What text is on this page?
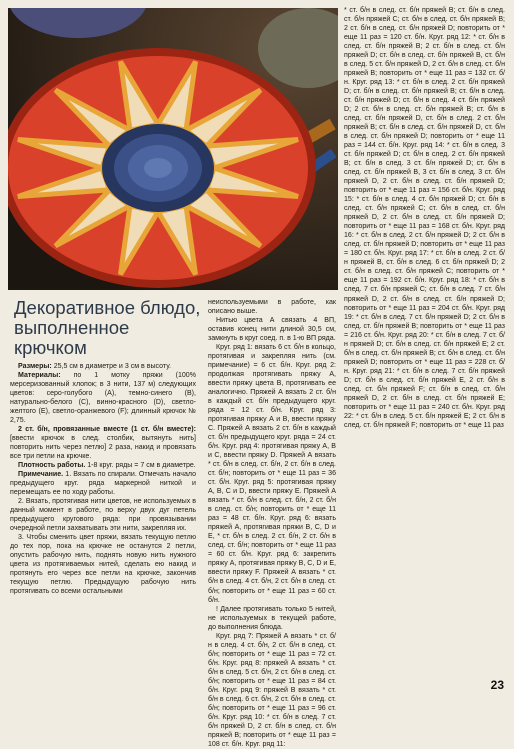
Декоративное блюдо, выполненное крючком

Размеры: 25,5 см в диаметре и 3 см в высоту.

Материалы: по 1 мотку пряжи (100% мерсеризованный хлопок; в 3 нити, 137 м) следующих цветов: серо-голубого (А), темно-синего (В), натурально-белого (C), винно-красного (D), светло-желтого (E), светло-оранжевого (F); длинный крючок № 2,75.

2 ст. б/н, провязанные вместе (1 ст. б/н вместе): [ввести крючок в след. столбик, вытянуть нить] повторить нить через петлю] 2 раза, накид и провязать все три петли на крючке.

Плотность работы. 1-8 круг. ряды = 7 см в диаметре.

Примечание. 1. Вязать по спирали. Отмечать начало предыдущего круг. ряда маркерной ниткой и перемещать ее по ходу работы.

2. Вязать, протягивая нити цветов, не используемых в данный момент в работе, по верху двух дуг петель предыдущего кругового ряда: при провязывании очередной петли захватывать эти нити, закрепляя их.

3. Чтобы сменить цвет пряжи, вязать текущую петлю до тех пор, пока на крючке не останутся 2 петли, опустить рабочую нить, поднять новую нить нужного цвета из протягиваемых нитей, сделать ею накид и протянуть его через все петли на крючке, закончив текущую петлю. Предыдущую рабочую нить протягивать со всеми остальными

неиспользуемыми в работе, как описано выше.

Нитью цвета А связать 4 ВП, оставив конец нити длиной 30,5 см, замкнуть в круг соед. п. в 1-ю ВП ряда.

Круг. ряд 1: вязать 6 ст. б/н в кольцо, протягивая и закрепляя нить (см. примечание) = 6 ст. б/н. Круг. ряд 2: продолжая протягивать пряжу А, ввести пряжу цвета В, протягивать ее аналогично. Пряжей А вязать 2 ст. б/н в каждый ст. б/н предыдущего круг. ряда = 12 ст. б/н. Круг. ряд 3: протягивая пряжу А и В, ввести пряжу С. Пряжей А вязать 2 ст. б/н в каждый ст. б/н предыдущего круг. ряда = 24 ст. б/н. Круг. ряд 4: протягивая пряжу А, В и С, ввести пряжу D. Пряжей А вязать * ст. б/н в след. ст. б/н, 2 ст. б/н в след. ст. б/н; повторить от * еще 11 раз = 36 ст. б/н. Круг. ряд 5: протягивая пряжу А, В, С и D, ввести пряжу Е. Пряжей А вязать * ст. б/н в след. ст. б/н, 2 ст. б/н в след. ст. б/н; повторить от * еще 11 раз = 48 ст. б/н. Круг. ряд 6: вязать пряжей А, протягивая пряжи В, С, D и Е, * ст. б/н в след. 2 ст. б/н, 2 ст. б/н в след. ст. б/н; повторить от * еще 11 раз = 60 ст. б/н. Круг. ряд 6: закрепить пряжу А, протягивая пряжу В, С, D и Е, ввести пряжу F. Пряжей А вязать * ст. б/н в след. 4 ст. б/н, 2 ст. б/н в след. ст. б/н; повторить от * еще 11 раз = 60 ст. б/н.

! Далее протягивать только 5 нитей, не используемых в текущей работе, до выполнения блюда.

Круг. ряд 7: Пряжей А вязать * ст. б/н в след. 4 ст. б/н, 2 ст. б/н в след. ст. б/н; повторить от * еще 11 раз = 72 ст. б/н. Круг. ряд 8: пряжей А вязать * ст. б/н в след. 5 ст. б/н, 2 ст. б/н в след. ст. б/н; повторить от * еще 11 раз = 84 ст. б/н. Круг. ряд 9: пряжей В вязать * ст. б/н в след. 6 ст. б/н, 2 ст. б/н в след. ст. б/н; повторить от * еще 11 раз = 96 ст. б/н. Круг. ряд 10: * ст. б/н в след. 7 ст. б/н пряжей D, 2 ст. б/н в след. ст. б/н пряжей В; повторить от * еще 11 раз = 108 ст. б/н. Круг. ряд 11:

* ст. б/н в след. ст. б/н пряжей В; ст. б/н в след. ст. б/н пряжей С; ст. б/н в след. ст. б/н пряжей В; 2 ст. б/н в след. ст. б/н пряжей D; повторить от * еще 11 раз = 120 ст. б/н. Круг. ряд 12: * ст. б/н в след. ст. б/н пряжей В; 2 ст. б/н в след. ст. б/н пряжей D; ст. б/н в след. ст. б/н пряжей В, ст. б/н в след. 5 ст. б/н пряжей D, 2 ст. б/н в след. ст. б/н пряжей В; повторить от * еще 11 раз = 132 ст. б/н. Круг. ряд 13: * ст. б/н в след. 2 ст. б/н пряжей D; ст. б/н в след. ст. б/н пряжей В; ст. б/н в след. ст. б/н пряжей D; ст. б/н в след. 4 ст. б/н пряжей D; 2 ст. б/н в след. ст. б/н пряжей В; ст. б/н в след. ст. б/н пряжей D, ст. б/н в след. 2 ст. б/н пряжей В; ст. б/н в след. ст. б/н пряжей D, ст. б/н в след. ст. б/н пряжей D; повторить от * еще 11 раз = 144 ст. б/н. Круг. ряд 14: * ст. б/н в след. 3 ст. б/н пряжей D; ст. б/н в след. 2 ст. б/н пряжей В; ст. б/н в след. 3 ст. б/н пряжей D; ст. б/н в след. ст. б/н пряжей В, 3 ст. б/н в след. 3 ст. б/н пряжей D, 2 ст. б/н в след. ст. б/н пряжей D; повторить от * еще 11 раз = 156 ст. б/н. Круг. ряд 15: * ст. б/н в след. 4 ст. б/н пряжей D; ст. б/н в след. ст. б/н пряжей С; ст. б/н в след. ст. б/н пряжей D, 2 ст. б/н в след. ст. б/н пряжей D; повторить от * еще 11 раз = 168 ст. б/н. Круг. ряд 16: * ст. б/н в след. 2 ст. б/н пряжей D; 2 ст. б/н в след. ст. б/н пряжей D; повторить от * еще 11 раз = 180 ст. б/н. Круг. ряд 17: * ст. б/н в след. 2 ст. б/н пряжей В, ст. б/н в след. 6 ст. б/н пряжей D; 2 ст. б/н в след. ст. б/н пряжей С; повторить от * еще 11 раз = 192 ст. б/н. Круг. ряд 18: * ст. б/н в след. 7 ст. б/н пряжей С; ст. б/н в след. 7 ст. б/н пряжей D, 2 ст. б/н в след. ст. б/н пряжей D; повторить от * еще 11 раз = 204 ст. б/н. Круг. ряд 19: * ст. б/н в след. 7 ст. б/н пряжей D; 2 ст. б/н в след. ст. б/н пряжей В; повторить от * еще 11 раз = 216 ст. б/н. Круг. ряд 20: * ст. б/н в след. 7 ст. б/н пряжей D; ст. б/н в след. ст. б/н пряжей Е; 2 ст. б/н в след. ст. б/н пряжей В; ст. б/н в след. ст. б/н пряжей D; повторить от * еще 11 раз = 228 ст. б/н. Круг. ряд 21: * ст. б/н в след. 7 ст. б/н пряжей D; ст. б/н в след. ст. б/н пряжей Е, 2 ст. б/н в след. ст. б/н пряжей F; ст. б/н в след. ст. б/н пряжей D, 2 ст. б/н в след. ст. б/н пряжей Е; повторить от * еще 11 раз = 240 ст. б/н. Круг. ряд 22: * ст. б/н в след. 5 ст. б/н пряжей Е; 2 ст. б/н в след. ст. б/н пряжей F; повторить от * еще 11 раз
23
